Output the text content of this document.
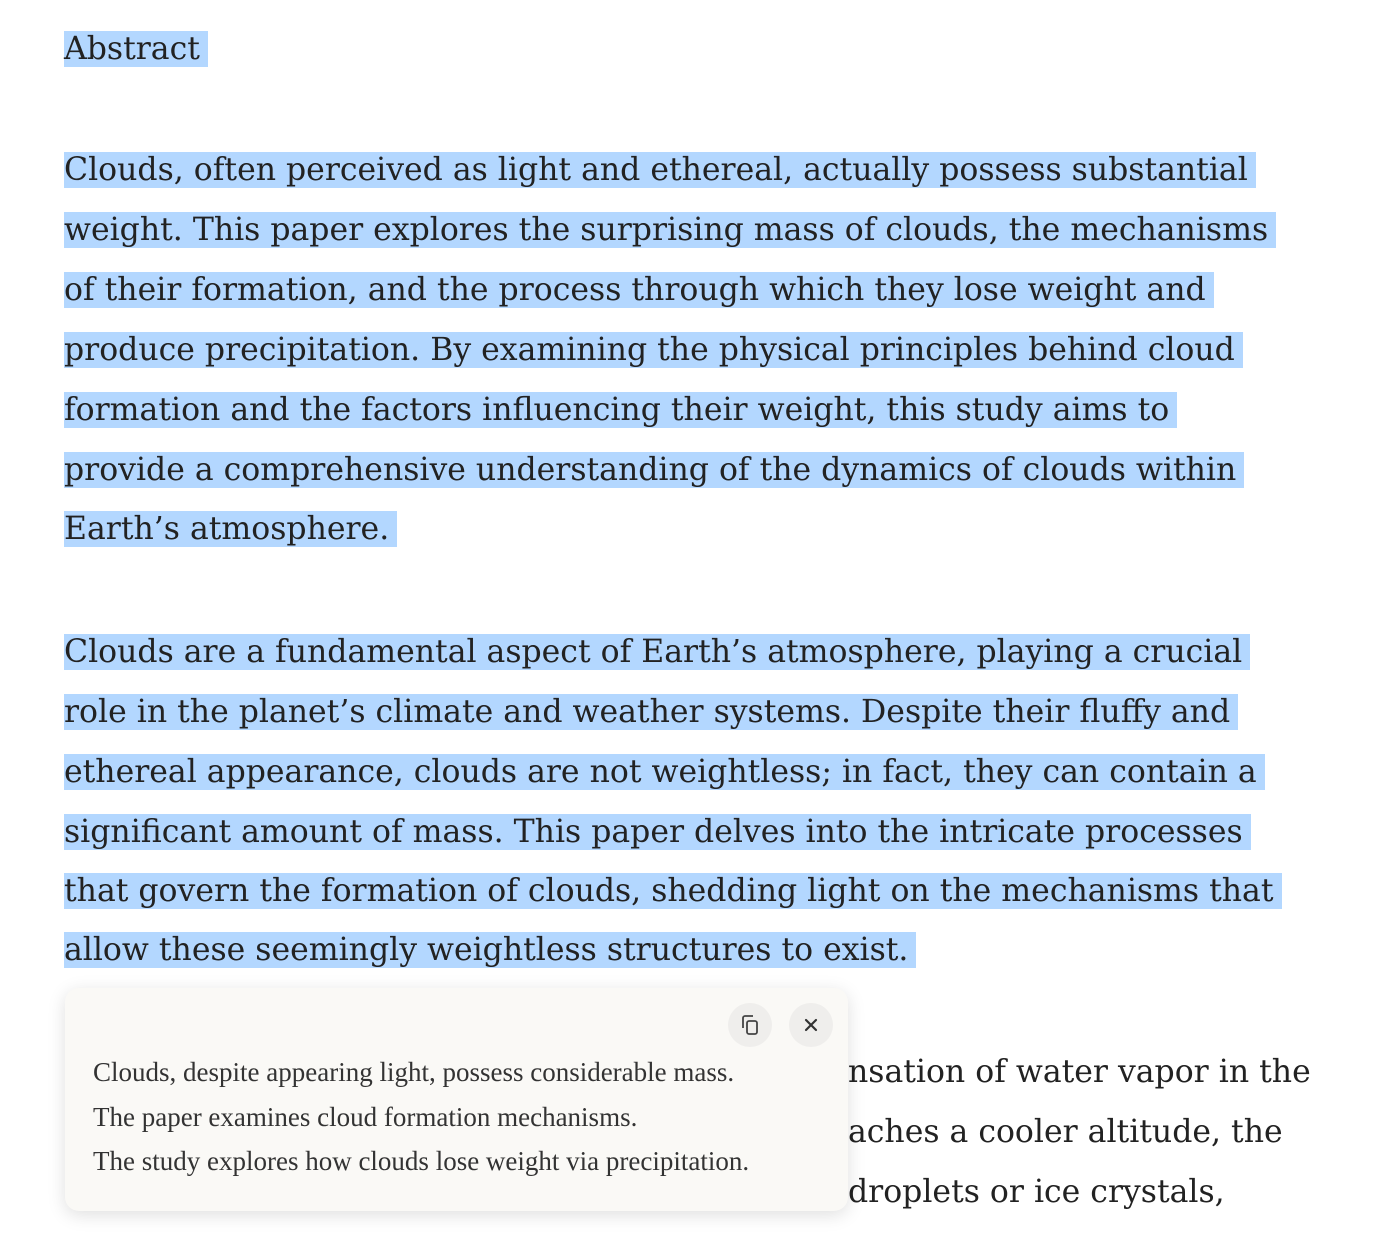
Abstract
Clouds, often perceived as light and ethereal, actually possess substantial
weight. This paper explores the surprising mass of clouds, the mechanisms
of their formation, and the process through which they lose weight and
produce precipitation. By examining the physical principles behind cloud
formation and the factors influencing their weight, this study aims to
provide a comprehensive understanding of the dynamics of clouds within
Earth’s atmosphere.
Clouds are a fundamental aspect of Earth’s atmosphere, playing a crucial
role in the planet’s climate and weather systems. Despite their fluffy and
ethereal appearance, clouds are not weightless; in fact, they can contain a
significant amount of mass. This paper delves into the intricate processes
that govern the formation of clouds, shedding light on the mechanisms that
allow these seemingly weightless structures to exist.
nsation of water vapor in the
aches a cooler altitude, the
droplets or ice crystals,
Clouds, despite appearing light, possess considerable mass.
The paper examines cloud formation mechanisms.
The study explores how clouds lose weight via precipitation.
